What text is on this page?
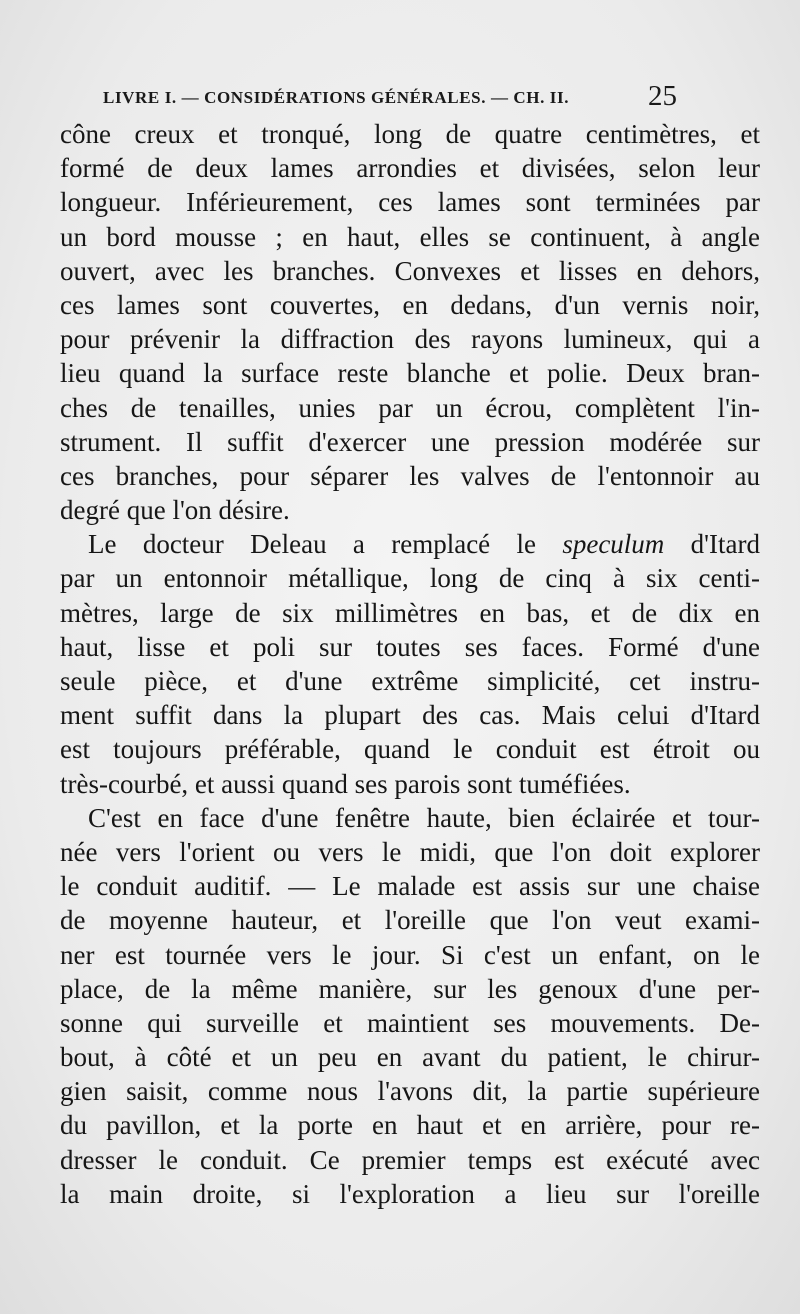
LIVRE I. — CONSIDÉRATIONS GÉNÉRALES. — CH. II.	25
cône creux et tronqué, long de quatre centimètres, et
formé de deux lames arrondies et divisées, selon leur
longueur. Inférieurement, ces lames sont terminées par
un bord mousse ; en haut, elles se continuent, à angle
ouvert, avec les branches. Convexes et lisses en dehors,
ces lames sont couvertes, en dedans, d'un vernis noir,
pour prévenir la diffraction des rayons lumineux, qui a
lieu quand la surface reste blanche et polie. Deux bran-
ches de tenailles, unies par un écrou, complètent l'in-
strument. Il suffit d'exercer une pression modérée sur
ces branches, pour séparer les valves de l'entonnoir au
degré que l'on désire.
Le docteur Deleau a remplacé le speculum d'Itard
par un entonnoir métallique, long de cinq à six centi-
mètres, large de six millimètres en bas, et de dix en
haut, lisse et poli sur toutes ses faces. Formé d'une
seule pièce, et d'une extrême simplicité, cet instru-
ment suffit dans la plupart des cas. Mais celui d'Itard
est toujours préférable, quand le conduit est étroit ou
très-courbé, et aussi quand ses parois sont tuméfiées.
C'est en face d'une fenêtre haute, bien éclairée et tour-
née vers l'orient ou vers le midi, que l'on doit explorer
le conduit auditif. — Le malade est assis sur une chaise
de moyenne hauteur, et l'oreille que l'on veut exami-
ner est tournée vers le jour. Si c'est un enfant, on le
place, de la même manière, sur les genoux d'une per-
sonne qui surveille et maintient ses mouvements. De-
bout, à côté et un peu en avant du patient, le chirur-
gien saisit, comme nous l'avons dit, la partie supérieure
du pavillon, et la porte en haut et en arrière, pour re-
dresser le conduit. Ce premier temps est exécuté avec
la main droite, si l'exploration a lieu sur l'oreille
